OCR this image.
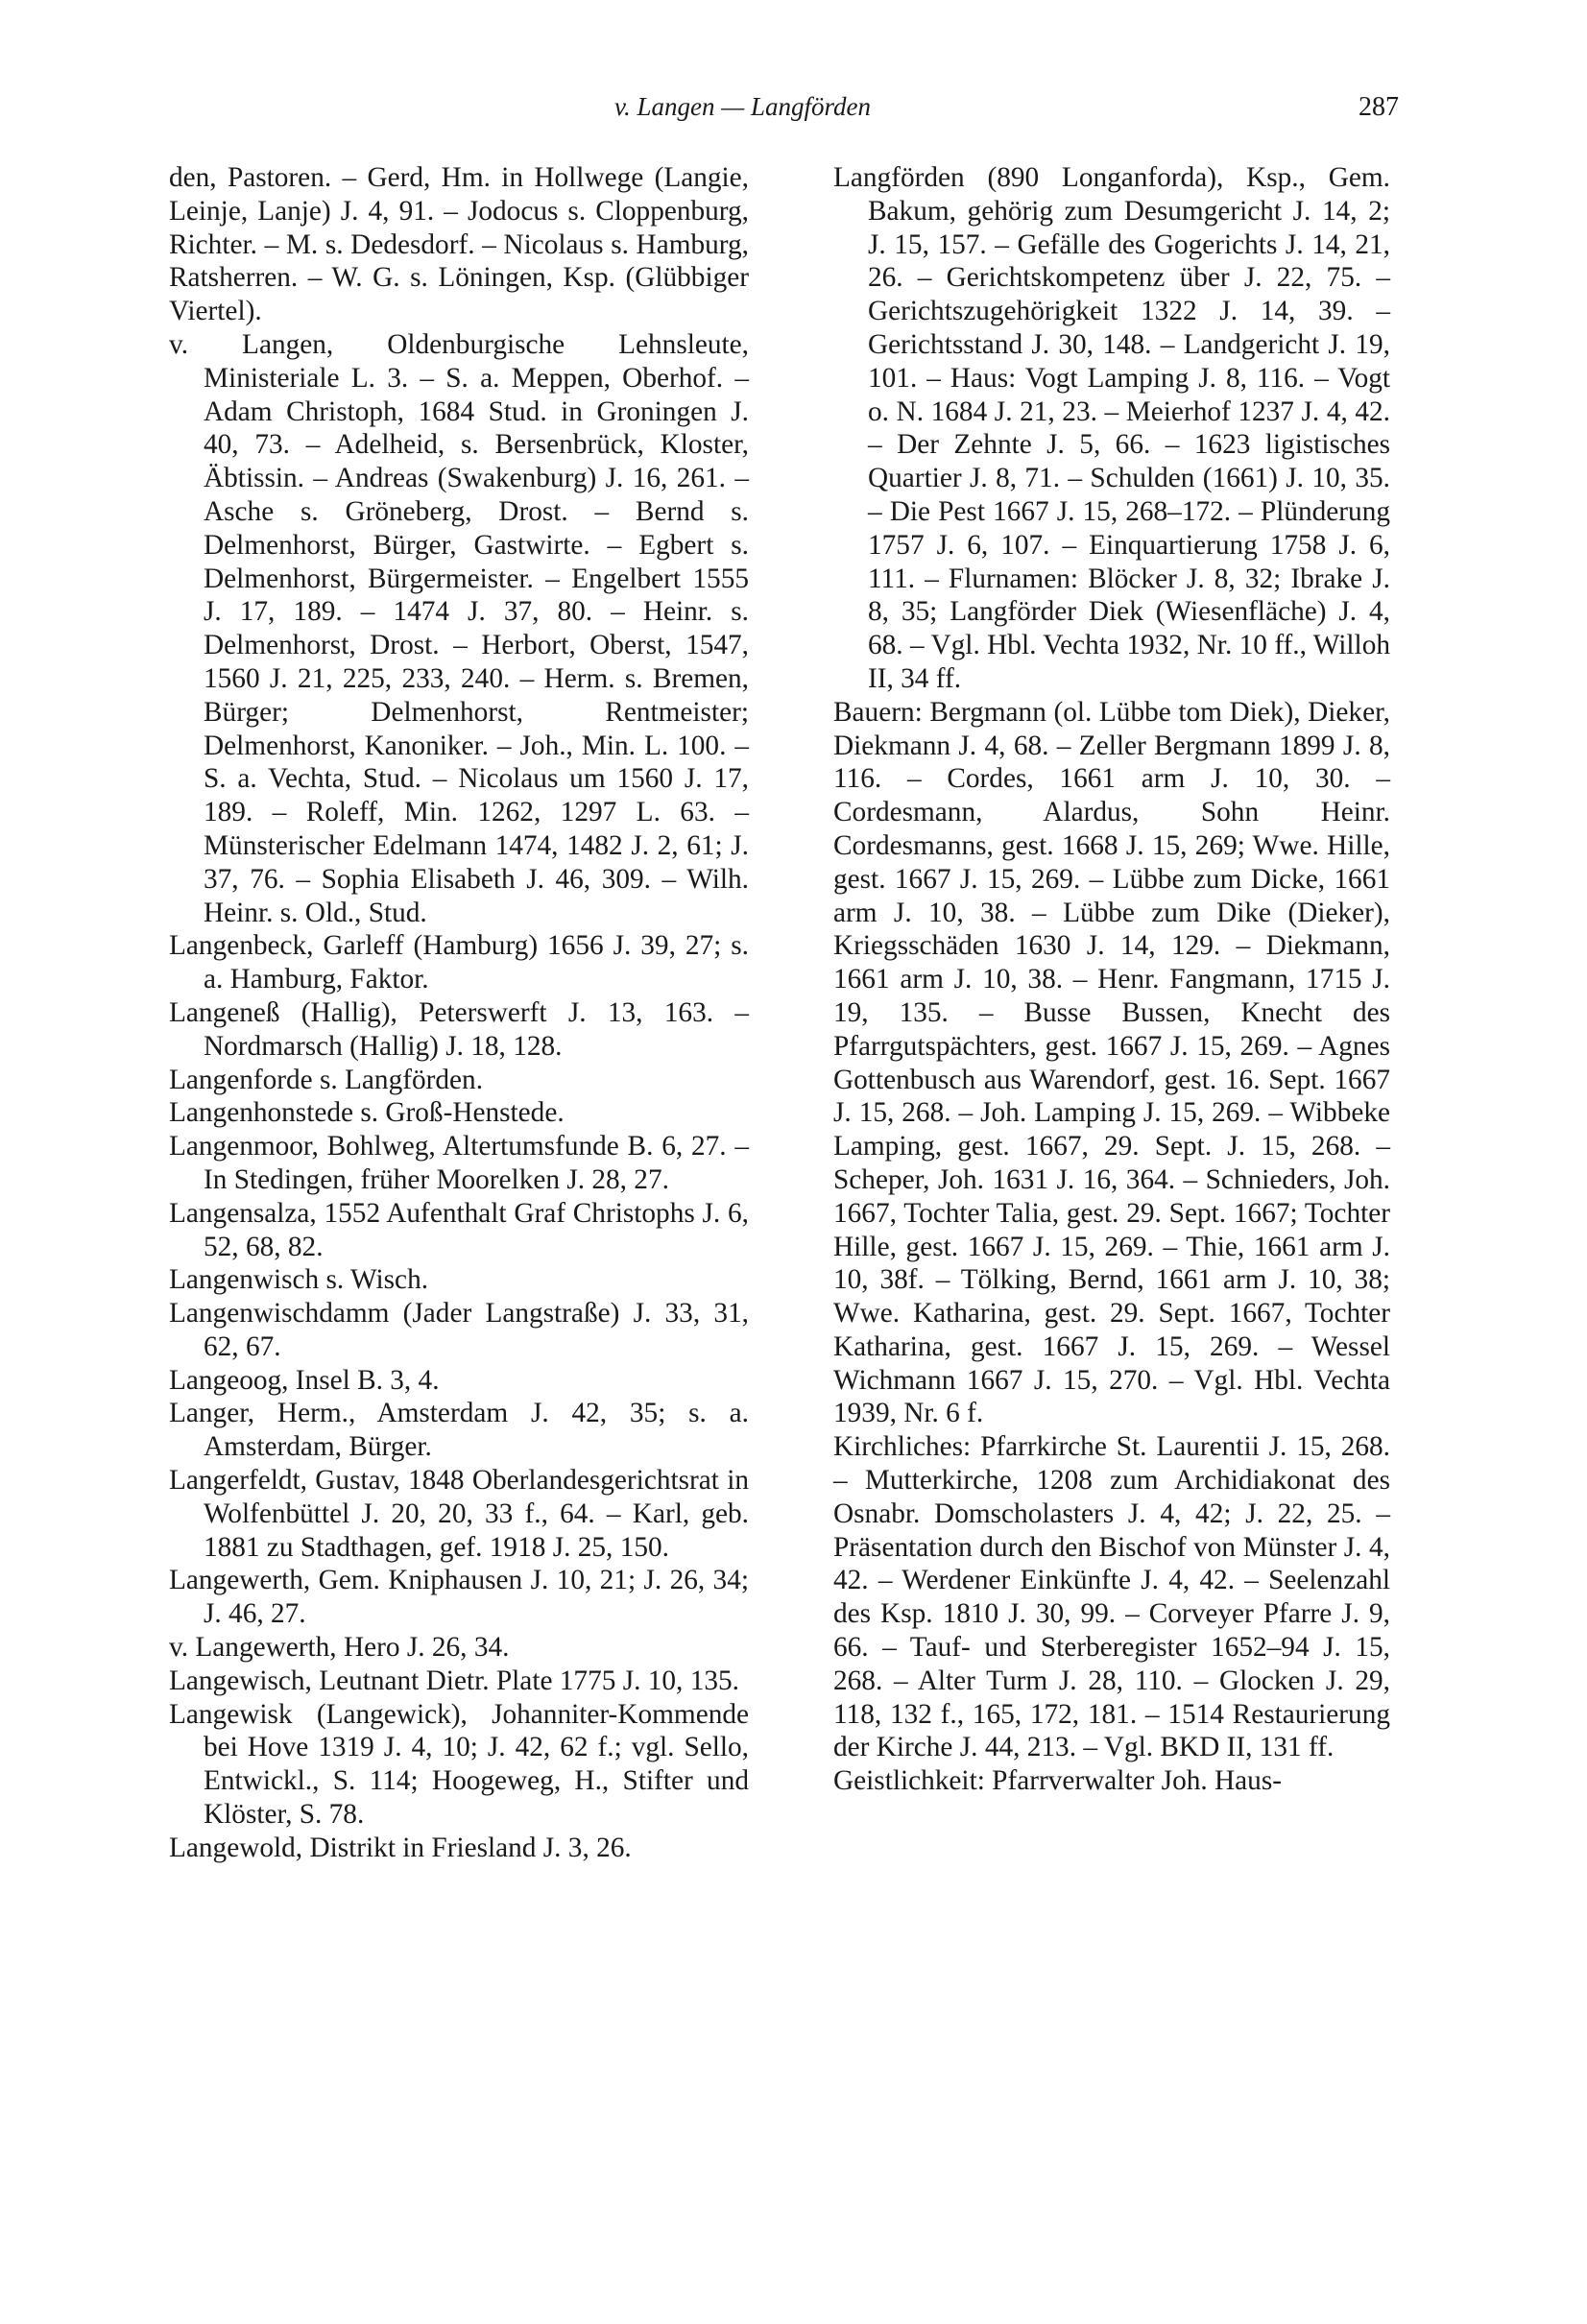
v. Langen — Langförden	287

den, Pastoren. – Gerd, Hm. in Hollwege (Langie, Leinje, Lanje) J. 4, 91. – Jodocus s. Cloppenburg, Richter. – M. s. Dedesdorf. – Nicolaus s. Hamburg, Ratsherren. – W. G. s. Löningen, Ksp. (Glübbiger Viertel).

v. Langen, Oldenburgische Lehnsleute, Ministeriale L. 3. – S. a. Meppen, Oberhof. – Adam Christoph, 1684 Stud. in Groningen J. 40, 73. – Adelheid, s. Bersenbrück, Kloster, Äbtissin. – Andreas (Swakenburg) J. 16, 261. – Asche s. Gröneberg, Drost. – Bernd s. Delmenhorst, Bürger, Gastwirte. – Egbert s. Delmenhorst, Bürgermeister. – Engelbert 1555 J. 17, 189. – 1474 J. 37, 80. – Heinr. s. Delmenhorst, Drost. – Herbort, Oberst, 1547, 1560 J. 21, 225, 233, 240. – Herm. s. Bremen, Bürger; Delmenhorst, Rentmeister; Delmenhorst, Kanoniker. – Joh., Min. L. 100. – S. a. Vechta, Stud. – Nicolaus um 1560 J. 17, 189. – Roleff, Min. 1262, 1297 L. 63. – Münsterischer Edelmann 1474, 1482 J. 2, 61; J. 37, 76. – Sophia Elisabeth J. 46, 309. – Wilh. Heinr. s. Old., Stud.

Langenbeck, Garleff (Hamburg) 1656 J. 39, 27; s. a. Hamburg, Faktor.

Langeneß (Hallig), Peterswerft J. 13, 163. – Nordmarsch (Hallig) J. 18, 128.

Langenforde s. Langförden.

Langenhonstede s. Groß-Henstede.

Langenmoor, Bohlweg, Altertumsfunde B. 6, 27. – In Stedingen, früher Moorelken J. 28, 27.

Langensalza, 1552 Aufenthalt Graf Christophs J. 6, 52, 68, 82.

Langenwisch s. Wisch.

Langenwischdamm (Jader Langstraße) J. 33, 31, 62, 67.

Langeoog, Insel B. 3, 4.

Langer, Herm., Amsterdam J. 42, 35; s. a. Amsterdam, Bürger.

Langerfeldt, Gustav, 1848 Oberlandesgerichtsrat in Wolfenbüttel J. 20, 20, 33 f., 64. – Karl, geb. 1881 zu Stadthagen, gef. 1918 J. 25, 150.

Langewerth, Gem. Kniphausen J. 10, 21; J. 26, 34; J. 46, 27.

v. Langewerth, Hero J. 26, 34.

Langewisch, Leutnant Dietr. Plate 1775 J. 10, 135.

Langewisk (Langewick), Johanniter-Kommende bei Hove 1319 J. 4, 10; J. 42, 62 f.; vgl. Sello, Entwickl., S. 114; Hoogeweg, H., Stifter und Klöster, S. 78.

Langewold, Distrikt in Friesland J. 3, 26.

Langförden (890 Longanforda), Ksp., Gem. Bakum, gehörig zum Desumgericht J. 14, 2; J. 15, 157. – Gefälle des Gogerichts J. 14, 21, 26. – Gerichtskompetenz über J. 22, 75. – Gerichtszugehörigkeit 1322 J. 14, 39. – Gerichtsstand J. 30, 148. – Landgericht J. 19, 101. – Haus: Vogt Lamping J. 8, 116. – Vogt o. N. 1684 J. 21, 23. – Meierhof 1237 J. 4, 42. – Der Zehnte J. 5, 66. – 1623 ligistisches Quartier J. 8, 71. – Schulden (1661) J. 10, 35. – Die Pest 1667 J. 15, 268–172. – Plünderung 1757 J. 6, 107. – Einquartierung 1758 J. 6, 111. – Flurnamen: Blöcker J. 8, 32; Ibrake J. 8, 35; Langförder Diek (Wiesenfläche) J. 4, 68. – Vgl. Hbl. Vechta 1932, Nr. 10 ff., Willoh II, 34 ff.

Bauern: Bergmann (ol. Lübbe tom Diek), Dieker, Diekmann J. 4, 68. – Zeller Bergmann 1899 J. 8, 116. – Cordes, 1661 arm J. 10, 30. – Cordesmann, Alardus, Sohn Heinr. Cordesmanns, gest. 1668 J. 15, 269; Wwe. Hille, gest. 1667 J. 15, 269. – Lübbe zum Dicke, 1661 arm J. 10, 38. – Lübbe zum Dike (Dieker), Kriegsschäden 1630 J. 14, 129. – Diekmann, 1661 arm J. 10, 38. – Henr. Fangmann, 1715 J. 19, 135. – Busse Bussen, Knecht des Pfarrgutspächters, gest. 1667 J. 15, 269. – Agnes Gottenbusch aus Warendorf, gest. 16. Sept. 1667 J. 15, 268. – Joh. Lamping J. 15, 269. – Wibbeke Lamping, gest. 1667, 29. Sept. J. 15, 268. – Scheper, Joh. 1631 J. 16, 364. – Schnieders, Joh. 1667, Tochter Talia, gest. 29. Sept. 1667; Tochter Hille, gest. 1667 J. 15, 269. – Thie, 1661 arm J. 10, 38f. – Tölking, Bernd, 1661 arm J. 10, 38; Wwe. Katharina, gest. 29. Sept. 1667, Tochter Katharina, gest. 1667 J. 15, 269. – Wessel Wichmann 1667 J. 15, 270. – Vgl. Hbl. Vechta 1939, Nr. 6 f.

Kirchliches: Pfarrkirche St. Laurentii J. 15, 268. – Mutterkirche, 1208 zum Archidiakonat des Osnabr. Domscholasters J. 4, 42; J. 22, 25. – Präsentation durch den Bischof von Münster J. 4, 42. – Werdener Einkünfte J. 4, 42. – Seelenzahl des Ksp. 1810 J. 30, 99. – Corveyer Pfarre J. 9, 66. – Tauf- und Sterberegister 1652–94 J. 15, 268. – Alter Turm J. 28, 110. – Glocken J. 29, 118, 132 f., 165, 172, 181. – 1514 Restaurierung der Kirche J. 44, 213. – Vgl. BKD II, 131 ff.

Geistlichkeit: Pfarrverwalter Joh. Haus-
